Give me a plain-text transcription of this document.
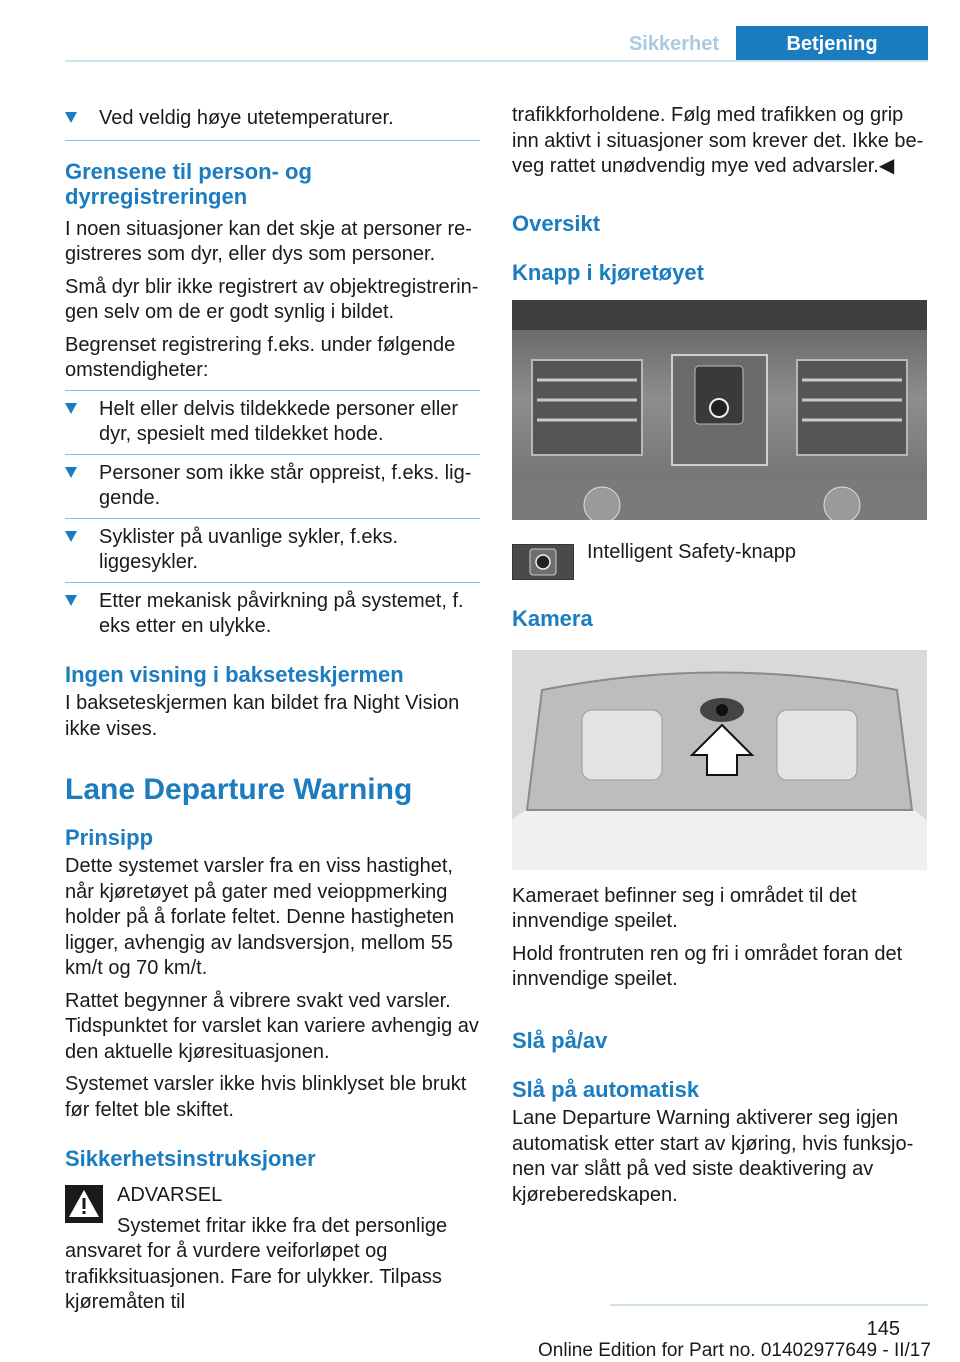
Sikkerhet	Betjening
Ved veldig høye utetemperaturer.
Grensene til person- og dyrregistreringen

I noen situasjoner kan det skje at personer registreres som dyr, eller dys som personer.

Små dyr blir ikke registrert av objektregistreringen selv om de er godt synlig i bildet.

Begrenset registrering f.eks. under følgende omstendigheter:

Helt eller delvis tildekkede personer eller dyr, spesielt med tildekket hode.
Personer som ikke står oppreist, f.eks. liggende.
Syklister på uvanlige sykler, f.eks. liggesykler.
Etter mekanisk påvirkning på systemet, f. eks etter en ulykke.
Ingen visning i bakseteskjermen

I bakseteskjermen kan bildet fra Night Vision ikke vises.

Lane Departure Warning
Prinsipp

Dette systemet varsler fra en viss hastighet, når kjøretøyet på gater med veioppmerking holder på å forlate feltet. Denne hastigheten ligger, avhengig av landsversjon, mellom 55 km/t og 70 km/t.

Rattet begynner å vibrere svakt ved varsler. Tidspunktet for varslet kan variere avhengig av den aktuelle kjøresituasjonen.

Systemet varsler ikke hvis blinklyset ble brukt før feltet ble skiftet.

Sikkerhetsinstruksjoner

ADVARSEL

Systemet fritar ikke fra det personlige ansvaret for å vurdere veiforløpet og trafikksituasjonen. Fare for ulykker. Tilpass kjøremåten til

trafikkforholdene. Følg med trafikken og grip inn aktivt i situasjoner som krever det. Ikke beveg rattet unødvendig mye ved advarsler.◀

Oversikt
Knapp i kjøretøyet

Intelligent Safety-knapp

Kamera

Kameraet befinner seg i området til det innvendige speilet.

Hold frontruten ren og fri i området foran det innvendige speilet.

Slå på/av
Slå på automatisk

Lane Departure Warning aktiverer seg igjen automatisk etter start av kjøring, hvis funksjonen var slått på ved siste deaktivering av kjøreberedskapen.

145
Online Edition for Part no. 01402977649 - II/17
